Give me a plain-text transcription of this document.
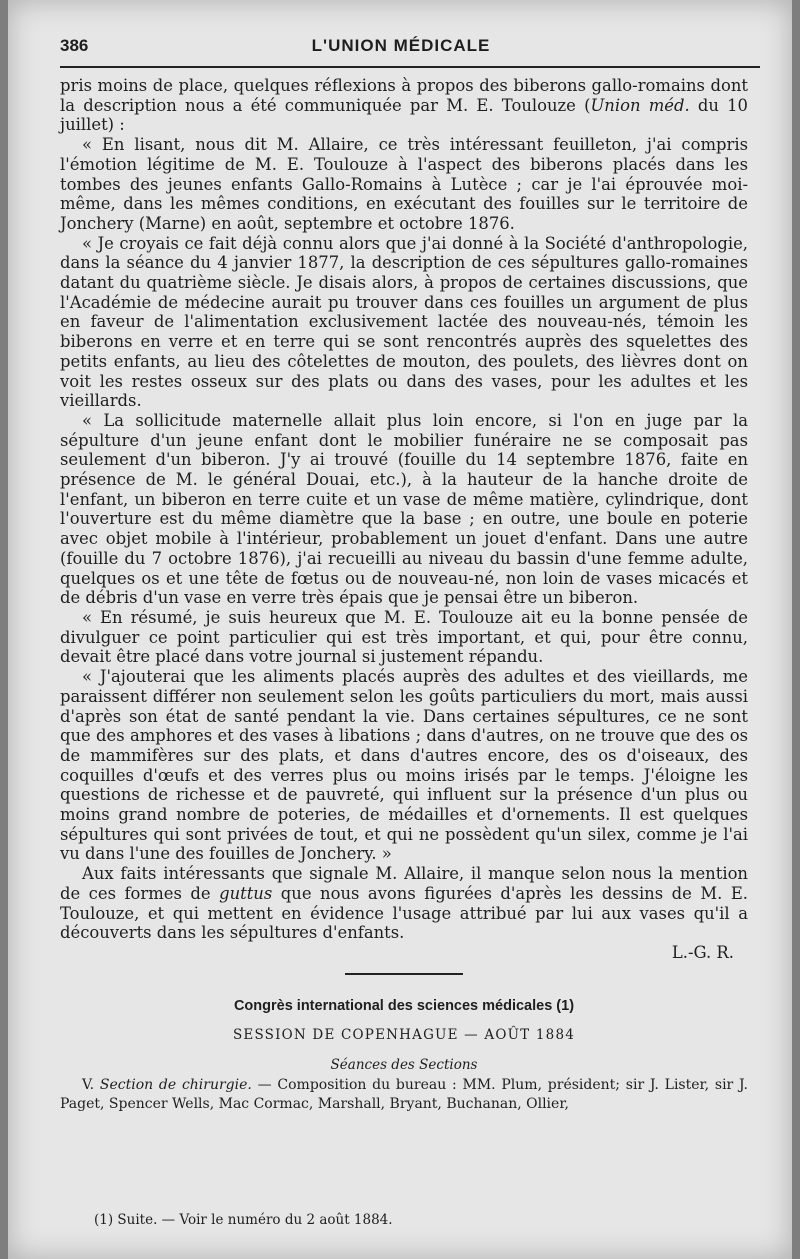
386	L'UNION MÉDICALE

pris moins de place, quelques réflexions à propos des biberons gallo-romains dont la description nous a été communiquée par M. E. Toulouze (Union méd. du 10 juillet) :

« En lisant, nous dit M. Allaire, ce très intéressant feuilleton, j'ai compris l'émotion légitime de M. E. Toulouze à l'aspect des biberons placés dans les tombes des jeunes enfants Gallo-Romains à Lutèce ; car je l'ai éprouvée moi-même, dans les mêmes conditions, en exécutant des fouilles sur le territoire de Jonchery (Marne) en août, septembre et octobre 1876.

« Je croyais ce fait déjà connu alors que j'ai donné à la Société d'anthropologie, dans la séance du 4 janvier 1877, la description de ces sépultures gallo-romaines datant du quatrième siècle. Je disais alors, à propos de certaines discussions, que l'Académie de médecine aurait pu trouver dans ces fouilles un argument de plus en faveur de l'alimentation exclusivement lactée des nouveau-nés, témoin les biberons en verre et en terre qui se sont rencontrés auprès des squelettes des petits enfants, au lieu des côtelettes de mouton, des poulets, des lièvres dont on voit les restes osseux sur des plats ou dans des vases, pour les adultes et les vieillards.

« La sollicitude maternelle allait plus loin encore, si l'on en juge par la sépulture d'un jeune enfant dont le mobilier funéraire ne se composait pas seulement d'un biberon. J'y ai trouvé (fouille du 14 septembre 1876, faite en présence de M. le général Douai, etc.), à la hauteur de la hanche droite de l'enfant, un biberon en terre cuite et un vase de même matière, cylindrique, dont l'ouverture est du même diamètre que la base ; en outre, une boule en poterie avec objet mobile à l'intérieur, probablement un jouet d'enfant. Dans une autre (fouille du 7 octobre 1876), j'ai recueilli au niveau du bassin d'une femme adulte, quelques os et une tête de fœtus ou de nouveau-né, non loin de vases micacés et de débris d'un vase en verre très épais que je pensai être un biberon.

« En résumé, je suis heureux que M. E. Toulouze ait eu la bonne pensée de divulguer ce point particulier qui est très important, et qui, pour être connu, devait être placé dans votre journal si justement répandu.

« J'ajouterai que les aliments placés auprès des adultes et des vieillards, me paraissent différer non seulement selon les goûts particuliers du mort, mais aussi d'après son état de santé pendant la vie. Dans certaines sépultures, ce ne sont que des amphores et des vases à libations ; dans d'autres, on ne trouve que des os de mammifères sur des plats, et dans d'autres encore, des os d'oiseaux, des coquilles d'œufs et des verres plus ou moins irisés par le temps. J'éloigne les questions de richesse et de pauvreté, qui influent sur la présence d'un plus ou moins grand nombre de poteries, de médailles et d'ornements. Il est quelques sépultures qui sont privées de tout, et qui ne possèdent qu'un silex, comme je l'ai vu dans l'une des fouilles de Jonchery. »

Aux faits intéressants que signale M. Allaire, il manque selon nous la mention de ces formes de guttus que nous avons figurées d'après les dessins de M. E. Toulouze, et qui mettent en évidence l'usage attribué par lui aux vases qu'il a découverts dans les sépultures d'enfants.

L.-G. R.

Congrès international des sciences médicales (1)
SESSION DE COPENHAGUE — AOÛT 1884
Séances des Sections

V. Section de chirurgie. — Composition du bureau : MM. Plum, président; sir J. Lister, sir J. Paget, Spencer Wells, Mac Cormac, Marshall, Bryant, Buchanan, Ollier,

(1) Suite. — Voir le numéro du 2 août 1884.
